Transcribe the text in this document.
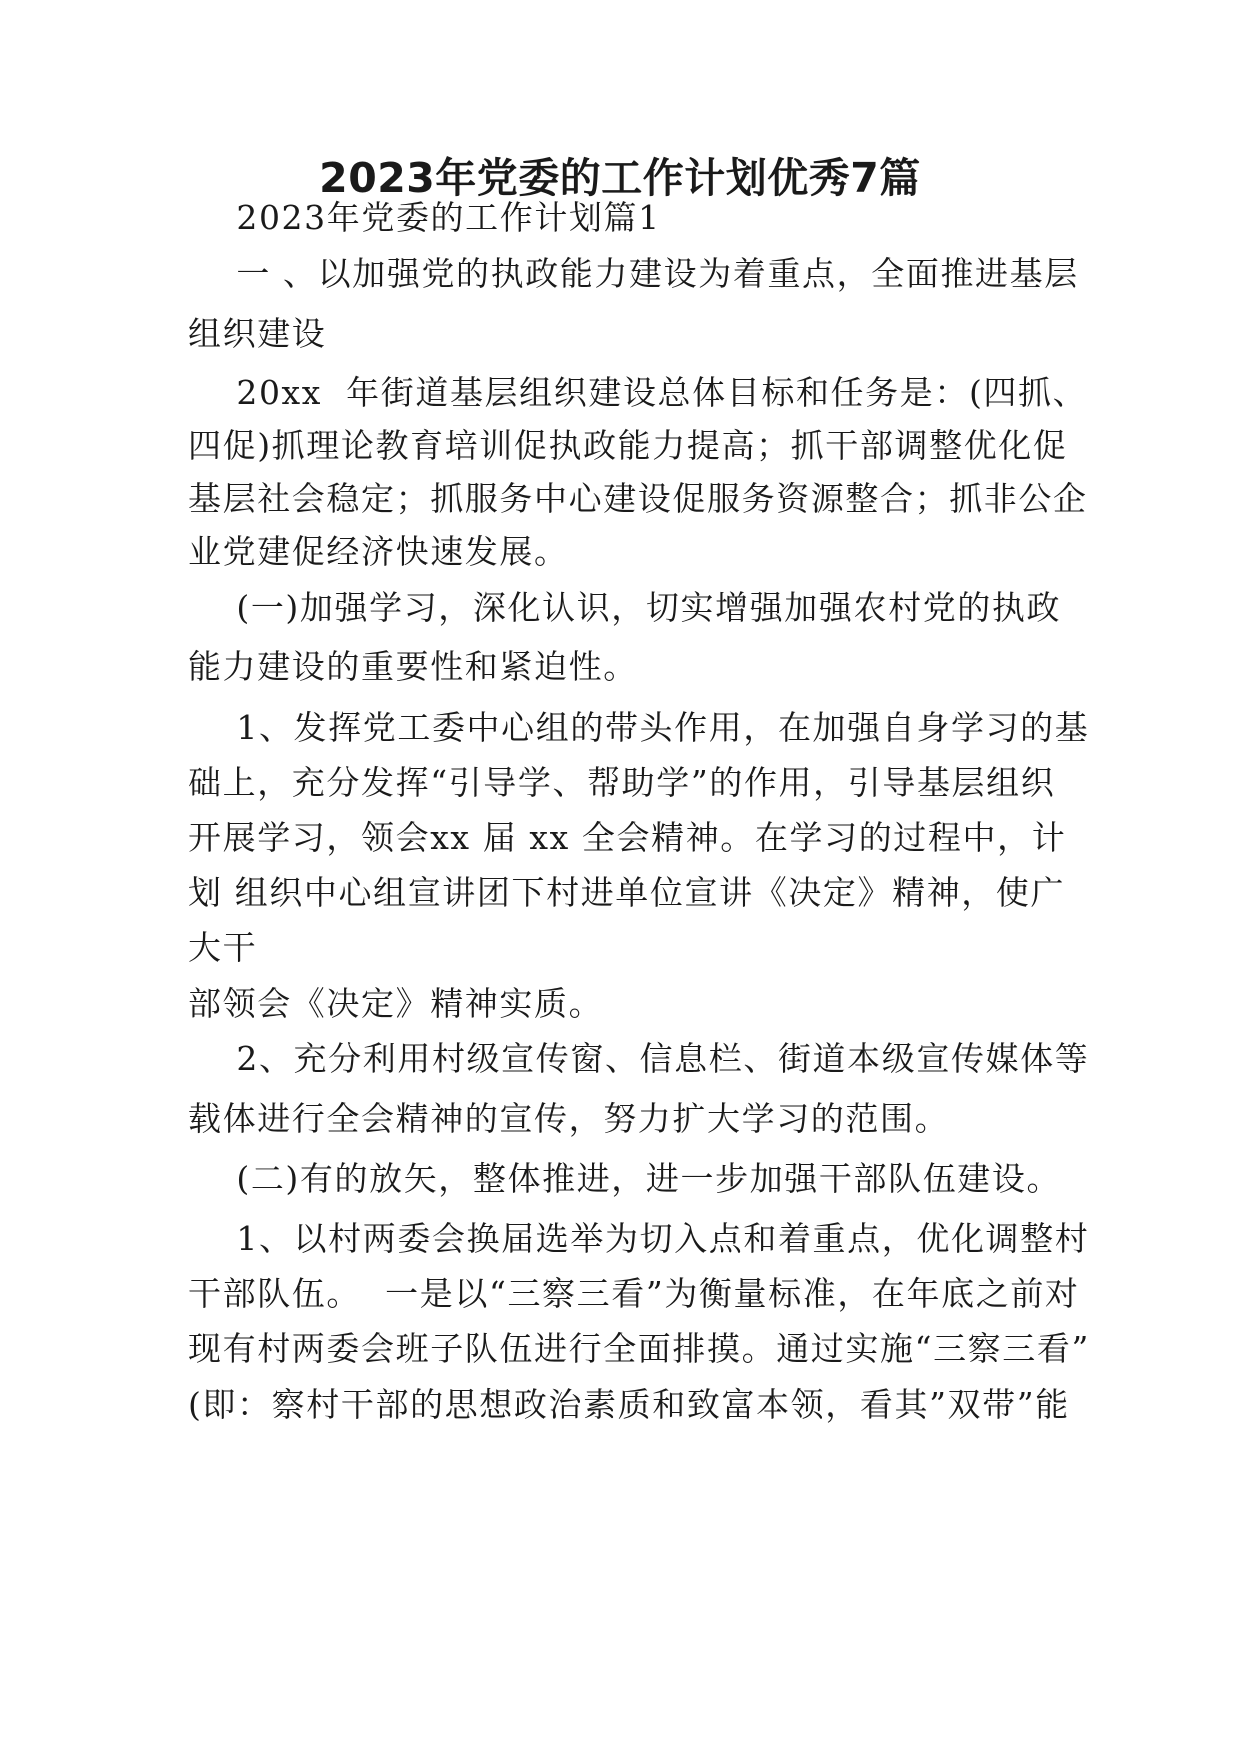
2023年党委的工作计划优秀7篇
2023年党委的工作计划篇1
一 、以加强党的执政能力建设为着重点，全面推进基层
组织建设
20xx  年街道基层组织建设总体目标和任务是：(四抓、
四促)抓理论教育培训促执政能力提高；抓干部调整优化促
基层社会稳定；抓服务中心建设促服务资源整合；抓非公企
业党建促经济快速发展。
(一)加强学习，深化认识，切实增强加强农村党的执政
能力建设的重要性和紧迫性。
1、发挥党工委中心组的带头作用，在加强自身学习的基
础上，充分发挥“引导学、帮助学”的作用，引导基层组织
开展学习，领会xx 届 xx 全会精神。在学习的过程中，计
划 组织中心组宣讲团下村进单位宣讲《决定》精神，使广
大干
部领会《决定》精神实质。
2、充分利用村级宣传窗、信息栏、街道本级宣传媒体等
载体进行全会精神的宣传，努力扩大学习的范围。
(二)有的放矢，整体推进，进一步加强干部队伍建设。
1、以村两委会换届选举为切入点和着重点，优化调整村
干部队伍。  一是以“三察三看”为衡量标准，在年底之前对
现有村两委会班子队伍进行全面排摸。通过实施“三察三看”
(即：察村干部的思想政治素质和致富本领，看其”双带”能
